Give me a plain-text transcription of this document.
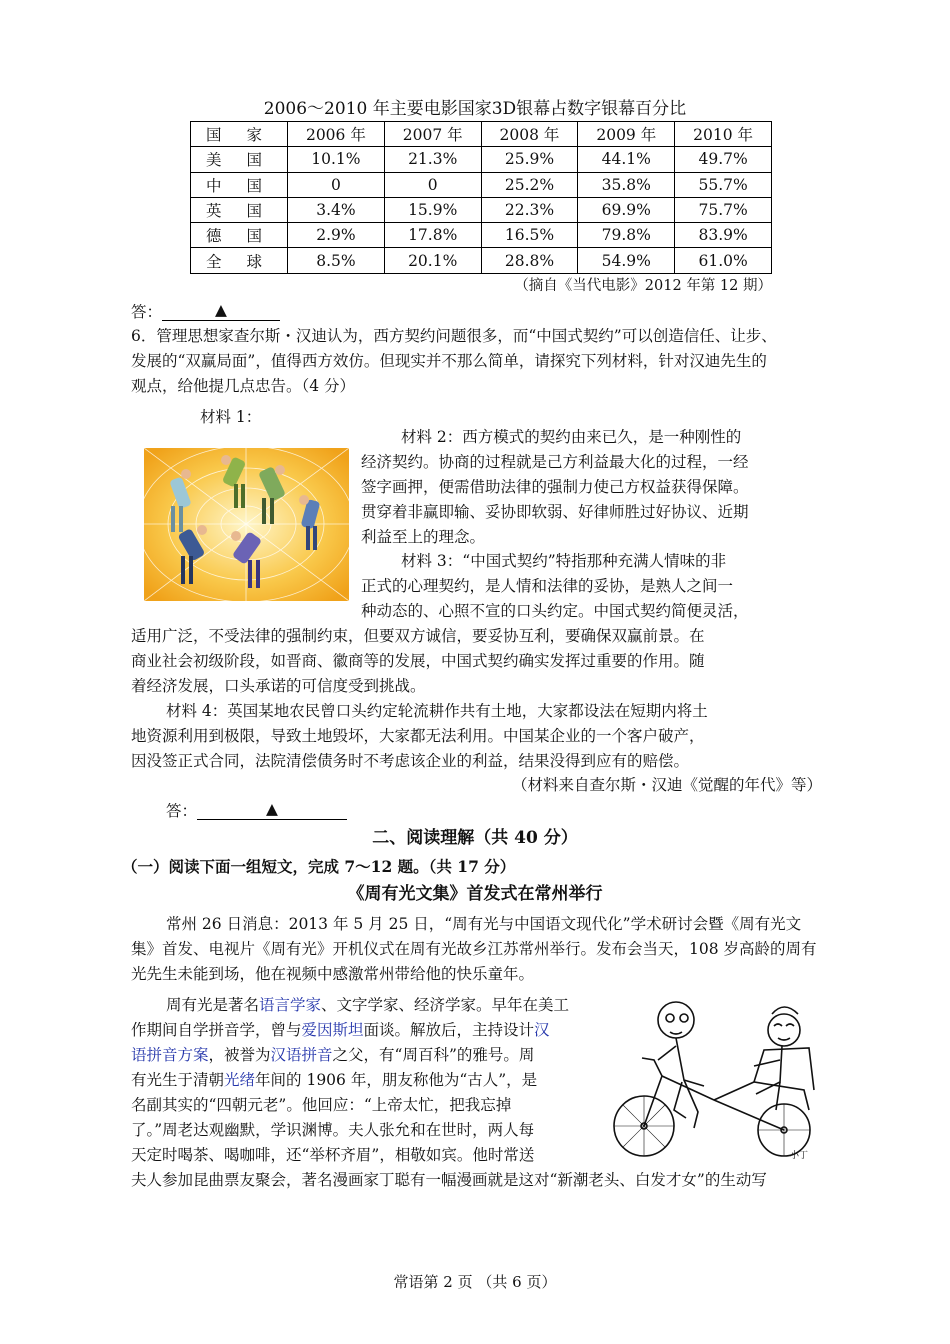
2006～2010 年主要电影国家3D银幕占数字银幕百分比
国 家	2006 年	2007 年	2008 年	2009 年	2010 年
美 国	10.1%	21.3%	25.9%	44.1%	49.7%
中 国	0	0	25.2%	35.8%	55.7%
英 国	3.4%	15.9%	22.3%	69.9%	75.7%
德 国	2.9%	17.8%	16.5%	79.8%	83.9%
全 球	8.5%	20.1%	28.8%	54.9%	61.0%
（摘自《当代电影》2012 年第 12 期）
答：	▲
6．管理思想家查尔斯・汉迪认为，西方契约问题很多，而“中国式契约”可以创造信任、让步、
发展的“双赢局面”，值得西方效仿。但现实并不那么简单，请探究下列材料，针对汉迪先生的
观点，给他提几点忠告。（4 分）
材料 1：
材料 2：西方模式的契约由来已久，是一种刚性的
经济契约。协商的过程就是己方利益最大化的过程，一经
签字画押，便需借助法律的强制力使己方权益获得保障。
贯穿着非赢即输、妥协即软弱、好律师胜过好协议、近期
利益至上的理念。
材料 3：“中国式契约”特指那种充满人情味的非
正式的心理契约，是人情和法律的妥协，是熟人之间一
种动态的、心照不宣的口头约定。中国式契约简便灵活，
适用广泛，不受法律的强制约束，但要双方诚信，要妥协互利，要确保双赢前景。在
商业社会初级阶段，如晋商、徽商等的发展，中国式契约确实发挥过重要的作用。随
着经济发展，口头承诺的可信度受到挑战。
材料 4：英国某地农民曾口头约定轮流耕作共有土地，大家都设法在短期内将土
地资源利用到极限，导致土地毁坏，大家都无法利用。中国某企业的一个客户破产，
因没签正式合同，法院清偿债务时不考虑该企业的利益，结果没得到应有的赔偿。
（材料来自查尔斯・汉迪《觉醒的年代》等）
答：	▲
二、阅读理解（共 40 分）
（一）阅读下面一组短文，完成 7～12 题。（共 17 分）
《周有光文集》首发式在常州举行
常州 26 日消息：2013 年 5 月 25 日，“周有光与中国语文现代化”学术研讨会暨《周有光文
集》首发、电视片《周有光》开机仪式在周有光故乡江苏常州举行。发布会当天，108 岁高龄的周有
光先生未能到场，他在视频中感激常州带给他的快乐童年。
周有光是著名语言学家、文字学家、经济学家。早年在美工
作期间自学拼音学，曾与爱因斯坦面谈。解放后，主持设计汉
语拼音方案，被誉为汉语拼音之父，有“周百科”的雅号。周
有光生于清朝光绪年间的 1906 年，朋友称他为“古人”，是
名副其实的“四朝元老”。他回应：“上帝太忙，把我忘掉
了。”周老达观幽默，学识渊博。夫人张允和在世时，两人每
天定时喝茶、喝咖啡，还“举杯齐眉”，相敬如宾。他时常送
夫人参加昆曲票友聚会，著名漫画家丁聪有一幅漫画就是这对“新潮老头、白发才女”的生动写
小丁
常语第 2 页 （共 6 页）
